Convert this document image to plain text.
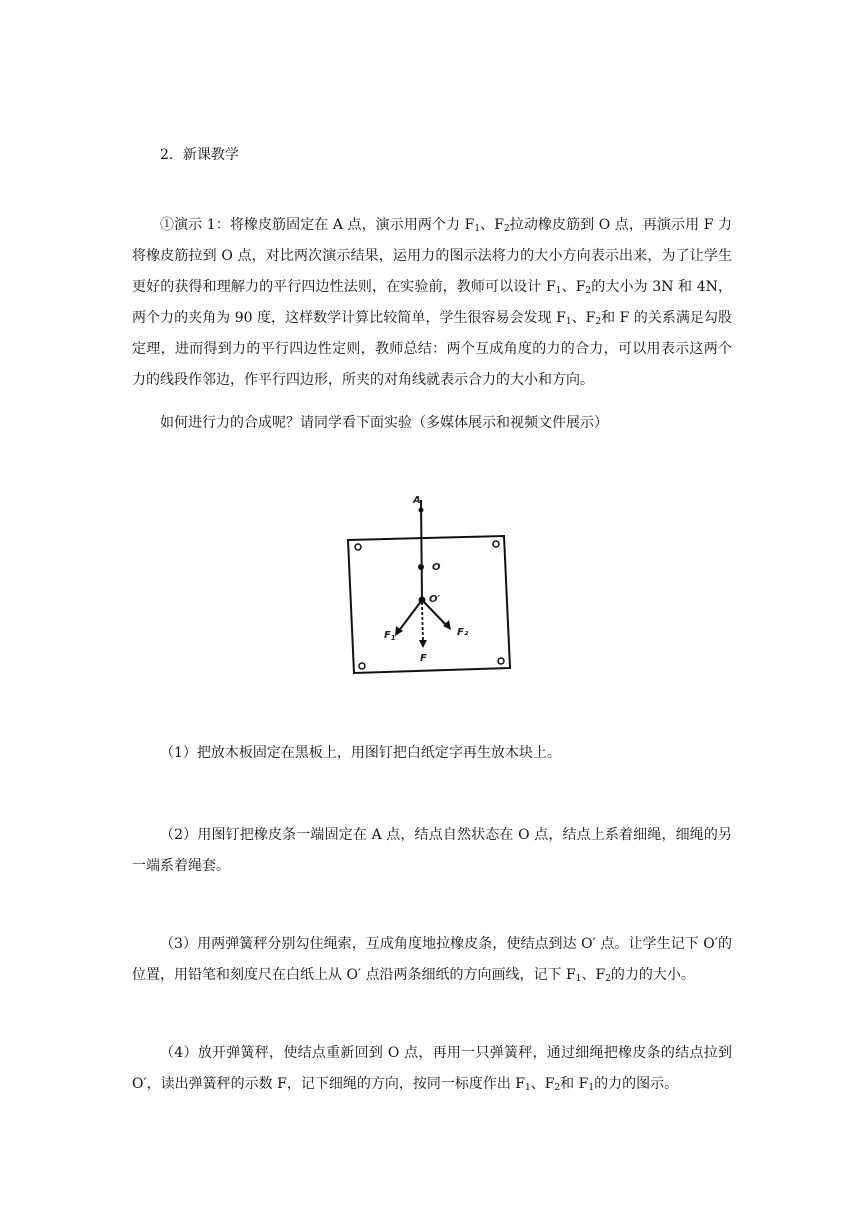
2．新课教学

①演示 1：将橡皮筋固定在 A 点，演示用两个力 $F_1$、$F_2$拉动橡皮筋到 O 点，再演示用 F 力将橡皮筋拉到 O 点，对比两次演示结果，运用力的图示法将力的大小方向表示出来，为了让学生更好的获得和理解力的平行四边性法则，在实验前，教师可以设计 $F_1$、$F_2$的大小为 3N 和 4N，两个力的夹角为 90 度，这样数学计算比较简单，学生很容易会发现 $F_1$、$F_2$和 F 的关系满足勾股定理，进而得到力的平行四边性定则，教师总结：两个互成角度的力的合力，可以用表示这两个力的线段作邻边，作平行四边形，所夹的对角线就表示合力的大小和方向。

如何进行力的合成呢？请同学看下面实验（多媒体展示和视频文件展示）

A
O
O′
$F_1$	F₂
F

（1）把放木板固定在黑板上，用图钉把白纸定字再生放木块上。

（2）用图钉把橡皮条一端固定在 A 点，结点自然状态在 O 点，结点上系着细绳，细绳的另一端系着绳套。

（3）用两弹簧秤分别勾住绳索，互成角度地拉橡皮条，使结点到达 O′ 点。让学生记下 O′的位置，用铅笔和刻度尺在白纸上从 O′ 点沿两条细纸的方向画线，记下 $F_1$、$F_2$的力的大小。

（4）放开弹簧秤，使结点重新回到 O 点，再用一只弹簧秤，通过细绳把橡皮条的结点拉到 O′，读出弹簧秤的示数 F，记下细绳的方向，按同一标度作出 $F_1$、$F_2$和 $F_1$的力的图示。
